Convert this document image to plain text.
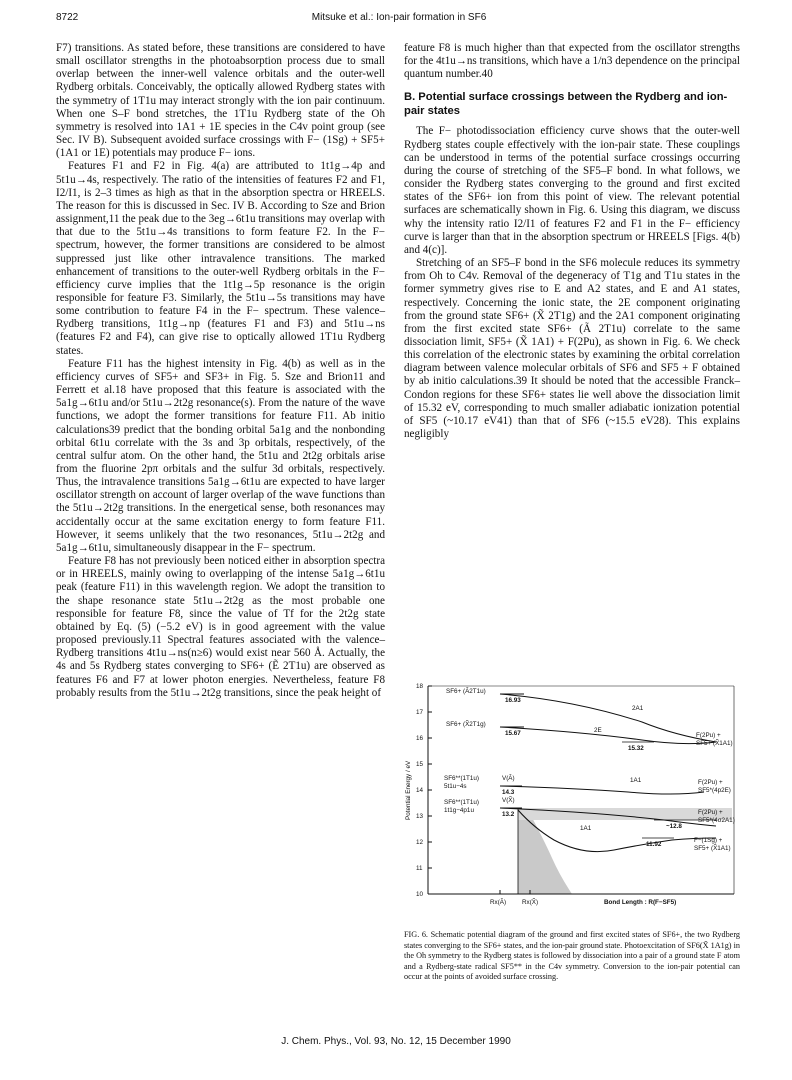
8722	Mitsuke et al.: Ion-pair formation in SF6

F7) transitions. As stated before, these transitions are considered to have small oscillator strengths in the photoabsorption process due to small overlap between the inner-well valence orbitals and the outer-well Rydberg orbitals. Conceivably, the optically allowed Rydberg states with the symmetry of 1T1u may interact strongly with the ion pair continuum. When one S–F bond stretches, the 1T1u Rydberg state of the Oh symmetry is resolved into 1A1 + 1E species in the C4v point group (see Sec. IV B). Subsequent avoided surface crossings with F− (1Sg) + SF5+ (1A1 or 1E) potentials may produce F− ions.

Features F1 and F2 in Fig. 4(a) are attributed to 1t1g→4p and 5t1u→4s, respectively. The ratio of the intensities of features F2 and F1, I2/I1, is 2–3 times as high as that in the absorption spectra or HREELS. The reason for this is discussed in Sec. IV B. According to Sze and Brion assignment,11 the peak due to the 3eg→6t1u transitions may overlap with that due to the 5t1u→4s transitions to form feature F2. In the F− spectrum, however, the former transitions are considered to be almost suppressed just like other intravalence transitions. The marked enhancement of transitions to the outer-well Rydberg orbitals in the F− efficiency curve implies that the 1t1g→5p resonance is the origin responsible for feature F3. Similarly, the 5t1u→5s transitions may have some contribution to feature F4 in the F− spectrum. These valence–Rydberg transitions, 1t1g→np (features F1 and F3) and 5t1u→ns (features F2 and F4), can give rise to optically allowed 1T1u Rydberg states.

Feature F11 has the highest intensity in Fig. 4(b) as well as in the efficiency curves of SF5+ and SF3+ in Fig. 5. Sze and Brion11 and Ferrett et al.18 have proposed that this feature is associated with the 5a1g→6t1u and/or 5t1u→2t2g resonance(s). From the nature of the wave functions, we adopt the former transitions for feature F11. Ab initio calculations39 predict that the bonding orbital 5a1g and the nonbonding orbital 6t1u correlate with the 3s and 3p orbitals, respectively, of the central sulfur atom. On the other hand, the 5t1u and 2t2g orbitals arise from the fluorine 2pπ orbitals and the sulfur 3d orbitals, respectively. Thus, the intravalence transitions 5a1g→6t1u are expected to have larger oscillator strength on account of larger overlap of the wave functions than the 5t1u→2t2g transitions. In the energetical sense, both resonances may accidentally occur at the same excitation energy to form feature F11. However, it seems unlikely that the two resonances, 5t1u→2t2g and 5a1g→6t1u, simultaneously disappear in the F− spectrum.

Feature F8 has not previously been noticed either in absorption spectra or in HREELS, mainly owing to overlapping of the intense 5a1g→6t1u peak (feature F11) in this wavelength region. We adopt the transition to the shape resonance state 5t1u→2t2g as the most probable one responsible for feature F8, since the value of Tf for the 2t2g state obtained by Eq. (5) (−5.2 eV) is in good agreement with the value proposed previously.11 Spectral features associated with the valence–Rydberg transitions 4t1u→ns(n≥6) would exist near 560 Å. Actually, the 4s and 5s Rydberg states converging to SF6+ (Ẽ 2T1u) are observed as features F6 and F7 at lower photon energies. Nevertheless, feature F8 probably results from the 5t1u→2t2g transitions, since the peak height of

feature F8 is much higher than that expected from the oscillator strengths for the 4t1u→ns transitions, which have a 1/n3 dependence on the principal quantum number.40

B. Potential surface crossings between the Rydberg and ion-pair states

The F− photodissociation efficiency curve shows that the outer-well Rydberg states couple effectively with the ion-pair state. These couplings can be understood in terms of the potential surface crossings occurring during the course of stretching of the SF5–F bond. In what follows, we consider the Rydberg states converging to the ground and first excited states of the SF6+ ion from this point of view. The relevant potential surfaces are schematically shown in Fig. 6. Using this diagram, we discuss why the intensity ratio I2/I1 of features F2 and F1 in the F− efficiency curve is larger than that in the absorption spectrum or HREELS [Figs. 4(b) and 4(c)].

Stretching of an SF5–F bond in the SF6 molecule reduces its symmetry from Oh to C4v. Removal of the degeneracy of T1g and T1u states in the former symmetry gives rise to E and A2 states, and E and A1 states, respectively. Concerning the ionic state, the 2E component originating from the ground state SF6+ (X̃ 2T1g) and the 2A1 component originating from the first excited state SF6+ (Ã 2T1u) correlate to the same dissociation limit, SF5+ (X̃ 1A1) + F(2Pu), as shown in Fig. 6. We check this correlation of the electronic states by examining the orbital correlation diagram between valence molecular orbitals of SF6 and SF5 + F obtained by ab initio calculations.39 It should be noted that the accessible Franck–Condon regions for these SF6+ states lie well above the dissociation limit of 15.32 eV, corresponding to much smaller adiabatic ionization potential of SF5 (~10.17 eV41) than that of SF6 (~15.5 eV28). This explains negligibly

18
17
16
15
14
13
12
11
10
Potential Energy / eV
Rx(Ã)	Rx(X̃)	Bond Length : R(F−SF5)
SF6+ (Ã2T1u)
SF6+ (X̃2T1g)
SF6**(1T1u)
5t1u−4s
SF6**(1T1u)
1t1g−4p1u
V(Ã)
V(X̃)
2A1
2E
1A1
1A1
16.93
15.67
15.32
14.3
13.2
~12.8
11.92
F(2Pu) +
SF5+ (X̃1A1)
F(2Pu) +
SF5*(4p2E)
F(2Pu) +
SF5*(4σ2A1)
F−(1Sg) +
SF5+ (X̃1A1)
FIG. 6. Schematic potential diagram of the ground and first excited states of SF6+, the two Rydberg states converging to the SF6+ states, and the ion-pair ground state. Photoexcitation of SF6(X̃ 1A1g) in the Oh symmetry to the Rydberg states is followed by dissociation into a pair of a ground state F atom and a Rydberg-state radical SF5** in the C4v symmetry. Conversion to the ion-pair potential can occur at the points of avoided surface crossing.
J. Chem. Phys., Vol. 93, No. 12, 15 December 1990
